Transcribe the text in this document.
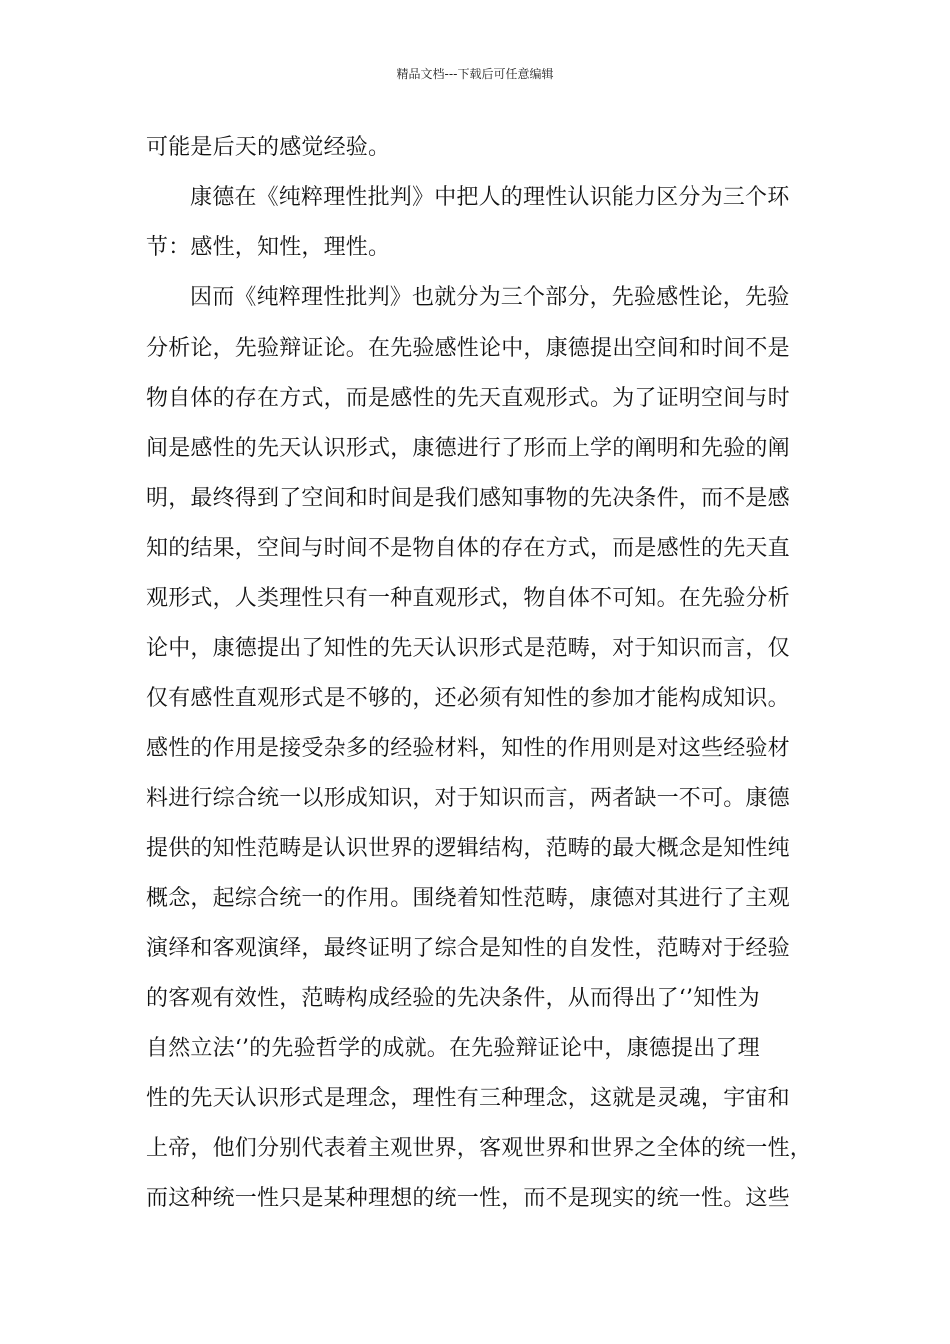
精品文档---下载后可任意编辑
可能是后天的感觉经验。
康德在《纯粹理性批判》中把人的理性认识能力区分为三个环
节：感性，知性，理性。
因而《纯粹理性批判》也就分为三个部分，先验感性论，先验
分析论，先验辩证论。在先验感性论中，康德提出空间和时间不是
物自体的存在方式，而是感性的先天直观形式。为了证明空间与时
间是感性的先天认识形式，康德进行了形而上学的阐明和先验的阐
明，最终得到了空间和时间是我们感知事物的先决条件，而不是感
知的结果，空间与时间不是物自体的存在方式，而是感性的先天直
观形式，人类理性只有一种直观形式，物自体不可知。在先验分析
论中，康德提出了知性的先天认识形式是范畴，对于知识而言，仅
仅有感性直观形式是不够的，还必须有知性的参加才能构成知识。
感性的作用是接受杂多的经验材料，知性的作用则是对这些经验材
料进行综合统一以形成知识，对于知识而言，两者缺一不可。康德
提供的知性范畴是认识世界的逻辑结构，范畴的最大概念是知性纯
概念，起综合统一的作用。围绕着知性范畴，康德对其进行了主观
演绎和客观演绎，最终证明了综合是知性的自发性，范畴对于经验
的客观有效性，范畴构成经验的先决条件，从而得出了‘’知性为
自然立法‘’的先验哲学的成就。在先验辩证论中，康德提出了理
性的先天认识形式是理念，理性有三种理念，这就是灵魂，宇宙和
上帝，他们分别代表着主观世界，客观世界和世界之全体的统一性，
而这种统一性只是某种理想的统一性，而不是现实的统一性。这些
